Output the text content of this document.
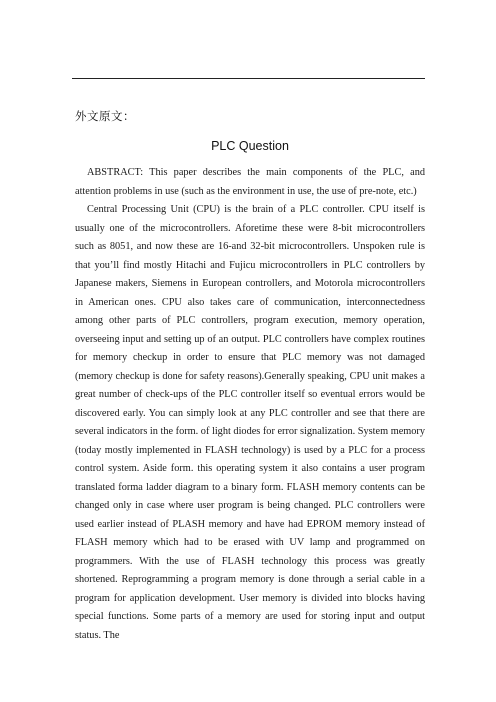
外文原文：
PLC Question

ABSTRACT: This paper describes the main components of the PLC, and attention problems in use (such as the environment in use, the use of pre-note, etc.)

Central Processing Unit (CPU) is the brain of a PLC controller. CPU itself is usually one of the microcontrollers. Aforetime these were 8-bit microcontrollers such as 8051, and now these are 16-and 32-bit microcontrollers. Unspoken rule is that you’ll find mostly Hitachi and Fujicu microcontrollers in PLC controllers by Japanese makers, Siemens in European controllers, and Motorola microcontrollers in American ones. CPU also takes care of communication, interconnectedness among other parts of PLC controllers, program execution, memory operation, overseeing input and setting up of an output. PLC controllers have complex routines for memory checkup in order to ensure that PLC memory was not damaged (memory checkup is done for safety reasons).Generally speaking, CPU unit makes a great number of check-ups of the PLC controller itself so eventual errors would be discovered early. You can simply look at any PLC controller and see that there are several indicators in the form. of light diodes for error signalization. System memory (today mostly implemented in FLASH technology) is used by a PLC for a process control system. Aside form. this operating system it also contains a user program translated forma ladder diagram to a binary form. FLASH memory contents can be changed only in case where user program is being changed. PLC controllers were used earlier instead of PLASH memory and have had EPROM memory instead of FLASH memory which had to be erased with UV lamp and programmed on programmers. With the use of FLASH technology this process was greatly shortened. Reprogramming a program memory is done through a serial cable in a program for application development. User memory is divided into blocks having special functions. Some parts of a memory are used for storing input and output status. The
